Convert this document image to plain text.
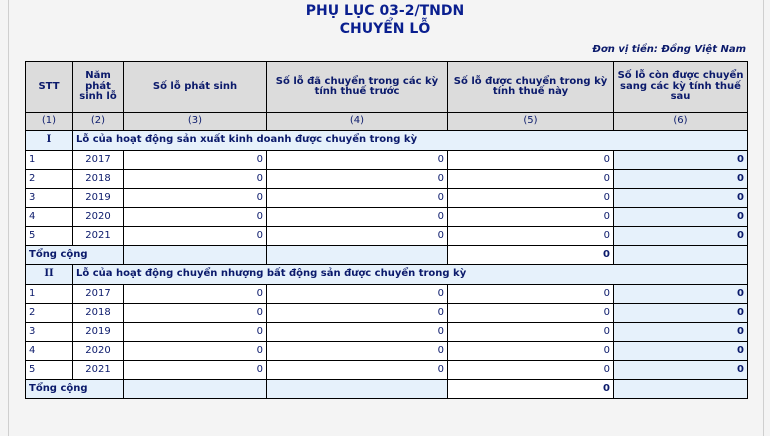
PHỤ LỤC 03-2/TNDN
CHUYỂN LỖ
Đơn vị tiền: Đồng Việt Nam
STT	Năm phát sinh lỗ	Số lỗ phát sinh	Số lỗ đã chuyển trong các kỳ tính thuế trước	Số lỗ được chuyển trong kỳ tính thuế này	Số lỗ còn được chuyển sang các kỳ tính thuế sau
(1)	(2)	(3)	(4)	(5)	(6)
I	Lỗ của hoạt động sản xuất kinh doanh được chuyển trong kỳ				
1	2017	0	0	0	0
2	2018	0	0	0	0
3	2019	0	0	0	0
4	2020	0	0	0	0
5	2021	0	0	0	0
Tổng cộng				0	
II	Lỗ của hoạt động chuyển nhượng bất động sản được chuyển trong kỳ				
1	2017	0	0	0	0
2	2018	0	0	0	0
3	2019	0	0	0	0
4	2020	0	0	0	0
5	2021	0	0	0	0
Tổng cộng				0	
